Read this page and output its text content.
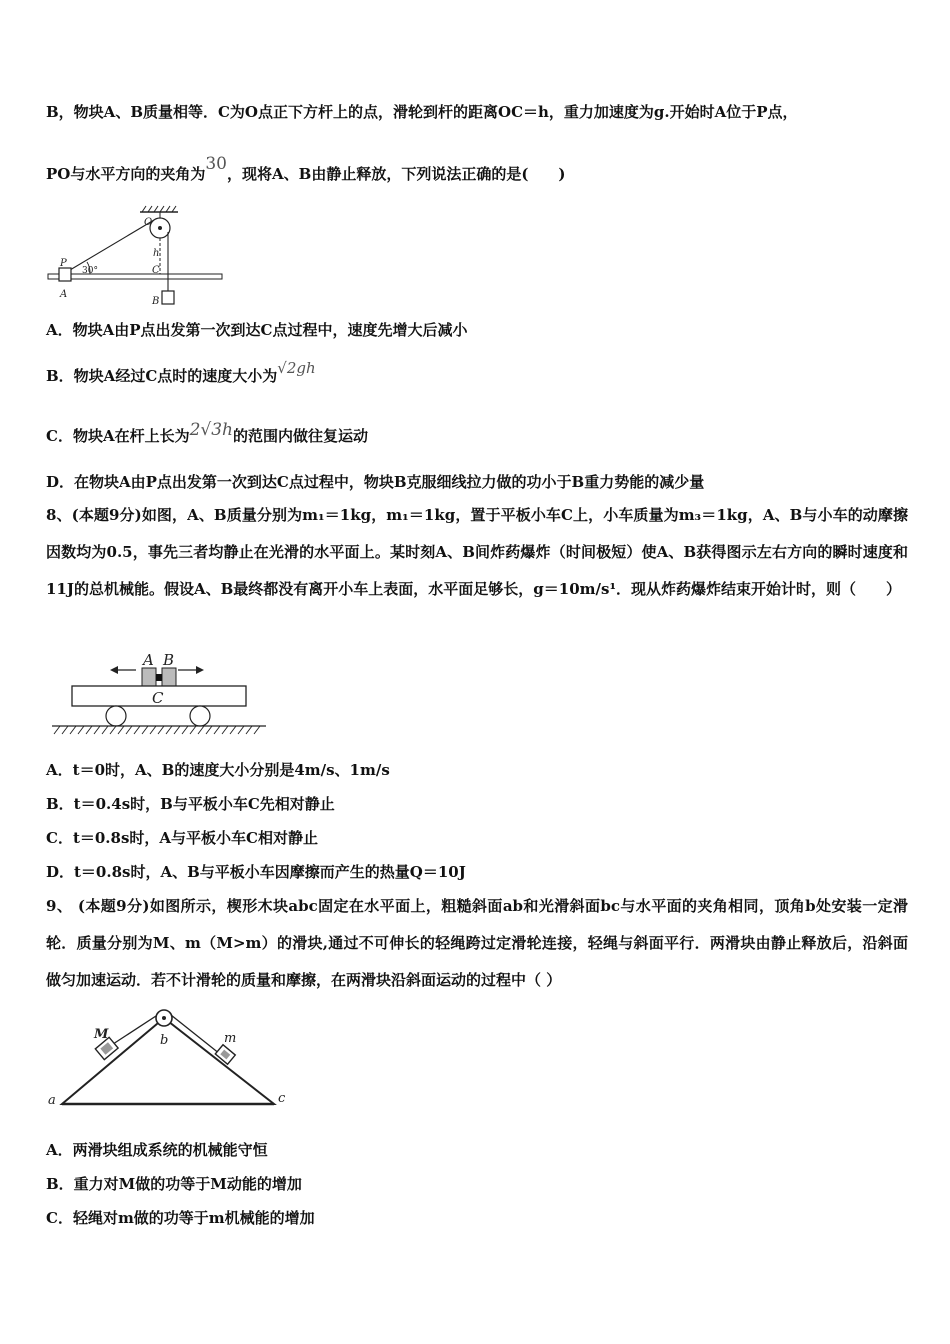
B，物块A、B质量相等．C为O点正下方杆上的点，滑轮到杆的距离OC＝h，重力加速度为g.开始时A位于P点，
PO与水平方向的夹角为30，现将A、B由静止释放，下列说法正确的是(　　)
O
h
P
30°	C
A
B
A．物块A由P点出发第一次到达C点过程中，速度先增大后减小
B．物块A经过C点时的速度大小为√2gh
C．物块A在杆上长为2√3h的范围内做往复运动
D．在物块A由P点出发第一次到达C点过程中，物块B克服细线拉力做的功小于B重力势能的减少量
8、(本题9分)如图，A、B质量分别为m₁＝1kg，m₁＝1kg，置于平板小车C上，小车质量为m₃＝1kg，A、B与小车的动摩擦因数均为0.5，事先三者均静止在光滑的水平面上。某时刻A、B间炸药爆炸（时间极短）使A、B获得图示左右方向的瞬时速度和11J的总机械能。假设A、B最终都没有离开小车上表面，水平面足够长，g＝10m/s¹．现从炸药爆炸结束开始计时，则（　　）
A B
C
A．t＝0时，A、B的速度大小分别是4m/s、1m/s
B．t＝0.4s时，B与平板小车C先相对静止
C．t＝0.8s时，A与平板小车C相对静止
D．t＝0.8s时，A、B与平板小车因摩擦而产生的热量Q＝10J
9、 (本题9分)如图所示，楔形木块abc固定在水平面上，粗糙斜面ab和光滑斜面bc与水平面的夹角相同，顶角b处安装一定滑轮．质量分别为M、m（M>m）的滑块,通过不可伸长的轻绳跨过定滑轮连接，轻绳与斜面平行．两滑块由静止释放后，沿斜面做匀加速运动．若不计滑轮的质量和摩擦，在两滑块沿斜面运动的过程中（ ）
M	b	m
a	c
A．两滑块组成系统的机械能守恒
B．重力对M做的功等于M动能的增加
C．轻绳对m做的功等于m机械能的增加
